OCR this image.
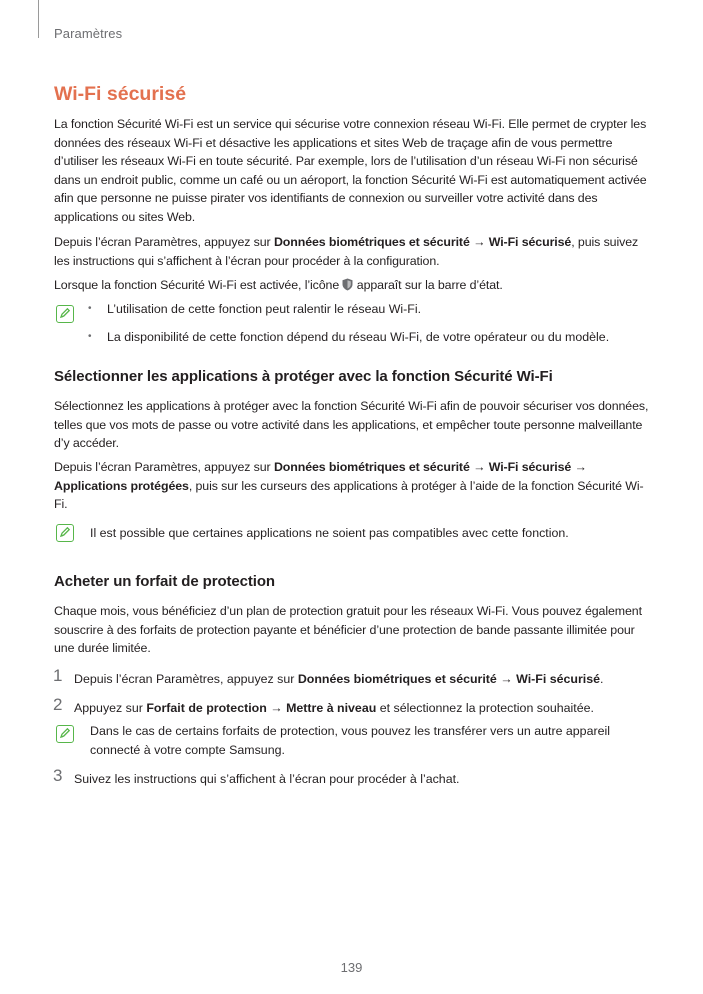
Paramètres
Wi-Fi sécurisé

La fonction Sécurité Wi-Fi est un service qui sécurise votre connexion réseau Wi-Fi. Elle permet de crypter les données des réseaux Wi-Fi et désactive les applications et sites Web de traçage afin de vous permettre d’utiliser les réseaux Wi-Fi en toute sécurité. Par exemple, lors de l’utilisation d’un réseau Wi-Fi non sécurisé dans un endroit public, comme un café ou un aéroport, la fonction Sécurité Wi-Fi est automatiquement activée afin que personne ne puisse pirater vos identifiants de connexion ou surveiller votre activité dans des applications ou sites Web.

Depuis l’écran Paramètres, appuyez sur Données biométriques et sécurité → Wi-Fi sécurisé, puis suivez les instructions qui s’affichent à l’écran pour procéder à la configuration.

Lorsque la fonction Sécurité Wi-Fi est activée, l’icône  apparaît sur la barre d’état.

• L’utilisation de cette fonction peut ralentir le réseau Wi-Fi.
• La disponibilité de cette fonction dépend du réseau Wi-Fi, de votre opérateur ou du modèle.
Sélectionner les applications à protéger avec la fonction Sécurité Wi-Fi

Sélectionnez les applications à protéger avec la fonction Sécurité Wi-Fi afin de pouvoir sécuriser vos données, telles que vos mots de passe ou votre activité dans les applications, et empêcher toute personne malveillante d’y accéder.

Depuis l’écran Paramètres, appuyez sur Données biométriques et sécurité → Wi-Fi sécurisé → Applications protégées, puis sur les curseurs des applications à protéger à l’aide de la fonction Sécurité Wi-Fi.

Il est possible que certaines applications ne soient pas compatibles avec cette fonction.

Acheter un forfait de protection

Chaque mois, vous bénéficiez d’un plan de protection gratuit pour les réseaux Wi-Fi. Vous pouvez également souscrire à des forfaits de protection payante et bénéficier d’une protection de bande passante illimitée pour une durée limitée.

1 Depuis l’écran Paramètres, appuyez sur Données biométriques et sécurité → Wi-Fi sécurisé.

2 Appuyez sur Forfait de protection → Mettre à niveau et sélectionnez la protection souhaitée.

Dans le cas de certains forfaits de protection, vous pouvez les transférer vers un autre appareil connecté à votre compte Samsung.

3 Suivez les instructions qui s’affichent à l’écran pour procéder à l’achat.

139
